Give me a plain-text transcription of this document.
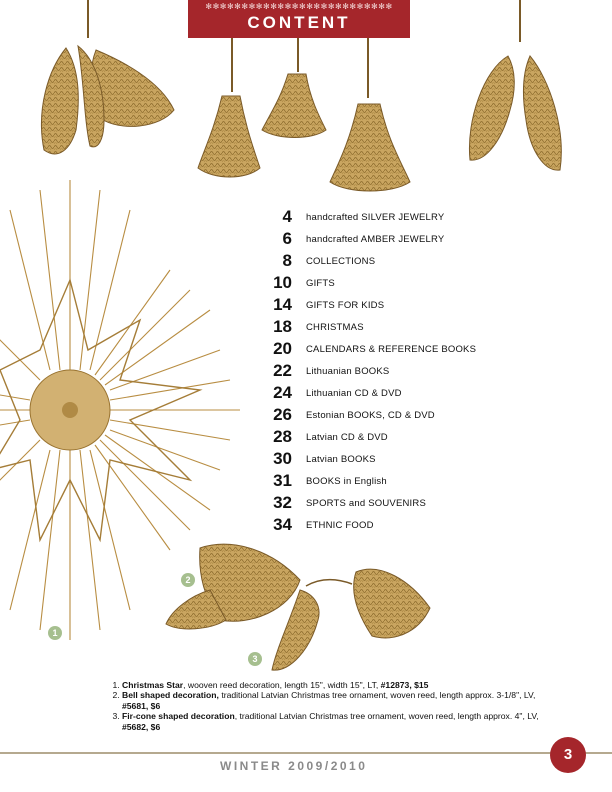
✻✻✻✻✻✻✻✻✻✻✻✻✻✻✻✻✻✻✻✻✻✻✻✻✻✻
CONTENT
4	handcrafted SILVER JEWELRY
6	handcrafted AMBER JEWELRY
8	COLLECTIONS
10	GIFTS
14	GIFTS FOR KIDS
18	CHRISTMAS
20	CALENDARS & REFERENCE BOOKS
22	Lithuanian BOOKS
24	Lithuanian CD & DVD
26	Estonian BOOKS, CD & DVD
28	Latvian CD & DVD
30	Latvian BOOKS
31	BOOKS in English
32	SPORTS and SOUVENIRS
34	ETHNIC FOOD
1
2
3
1. Christmas Star, wooven reed decoration, length 15", width 15", LT, #12873, $15
2. Bell shaped decoration, traditional Latvian Christmas tree ornament, woven reed, length approx. 3-1/8", LV, #5681, $6
3. Fir-cone shaped decoration, traditional Latvian Christmas tree ornament, woven reed, length approx. 4", LV, #5682, $6
WINTER 2009/2010
3
